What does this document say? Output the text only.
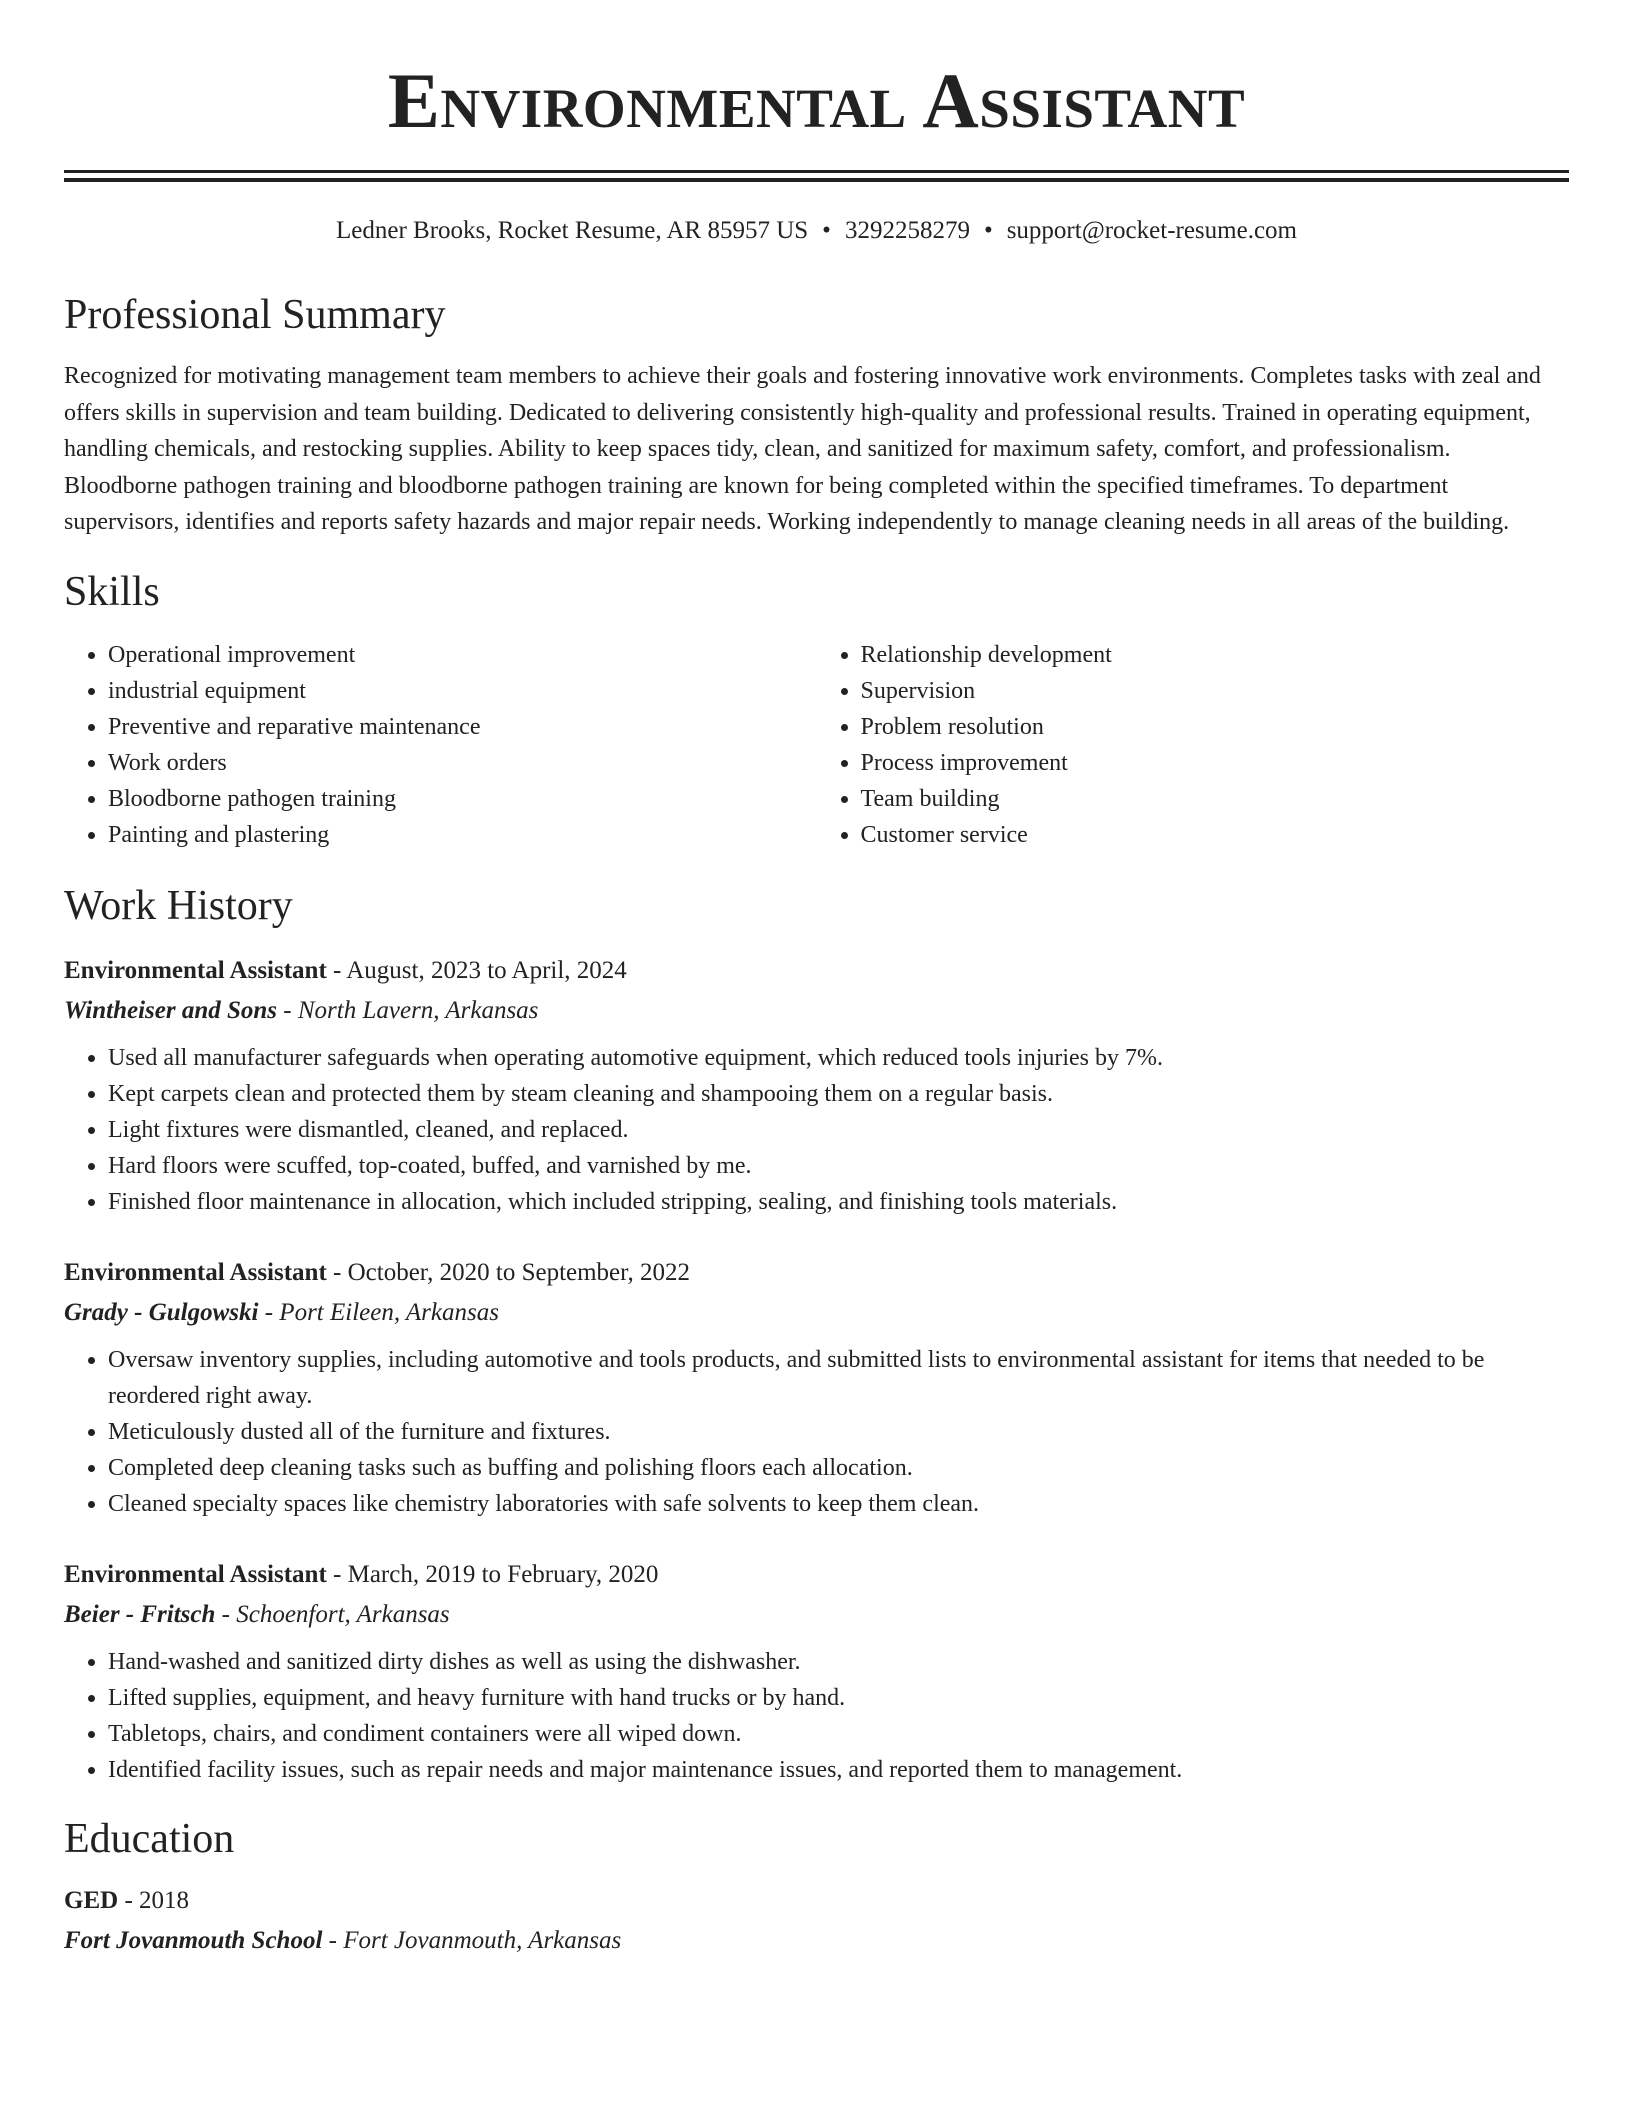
Environmental Assistant
Ledner Brooks, Rocket Resume, AR 85957 US • 3292258279 • support@rocket-resume.com
Professional Summary
Recognized for motivating management team members to achieve their goals and fostering innovative work environments. Completes tasks with zeal and offers skills in supervision and team building. Dedicated to delivering consistently high-quality and professional results. Trained in operating equipment, handling chemicals, and restocking supplies. Ability to keep spaces tidy, clean, and sanitized for maximum safety, comfort, and professionalism. Bloodborne pathogen training and bloodborne pathogen training are known for being completed within the specified timeframes. To department supervisors, identifies and reports safety hazards and major repair needs. Working independently to manage cleaning needs in all areas of the building.
Skills
• Operational improvement
• industrial equipment
• Preventive and reparative maintenance
• Work orders
• Bloodborne pathogen training
• Painting and plastering
• Relationship development
• Supervision
• Problem resolution
• Process improvement
• Team building
• Customer service
Work History
Environmental Assistant - August, 2023 to April, 2024
Wintheiser and Sons - North Lavern, Arkansas
• Used all manufacturer safeguards when operating automotive equipment, which reduced tools injuries by 7%.
• Kept carpets clean and protected them by steam cleaning and shampooing them on a regular basis.
• Light fixtures were dismantled, cleaned, and replaced.
• Hard floors were scuffed, top-coated, buffed, and varnished by me.
• Finished floor maintenance in allocation, which included stripping, sealing, and finishing tools materials.
Environmental Assistant - October, 2020 to September, 2022
Grady - Gulgowski - Port Eileen, Arkansas
• Oversaw inventory supplies, including automotive and tools products, and submitted lists to environmental assistant for items that needed to be reordered right away.
• Meticulously dusted all of the furniture and fixtures.
• Completed deep cleaning tasks such as buffing and polishing floors each allocation.
• Cleaned specialty spaces like chemistry laboratories with safe solvents to keep them clean.
Environmental Assistant - March, 2019 to February, 2020
Beier - Fritsch - Schoenfort, Arkansas
• Hand-washed and sanitized dirty dishes as well as using the dishwasher.
• Lifted supplies, equipment, and heavy furniture with hand trucks or by hand.
• Tabletops, chairs, and condiment containers were all wiped down.
• Identified facility issues, such as repair needs and major maintenance issues, and reported them to management.
Education
GED - 2018
Fort Jovanmouth School - Fort Jovanmouth, Arkansas
